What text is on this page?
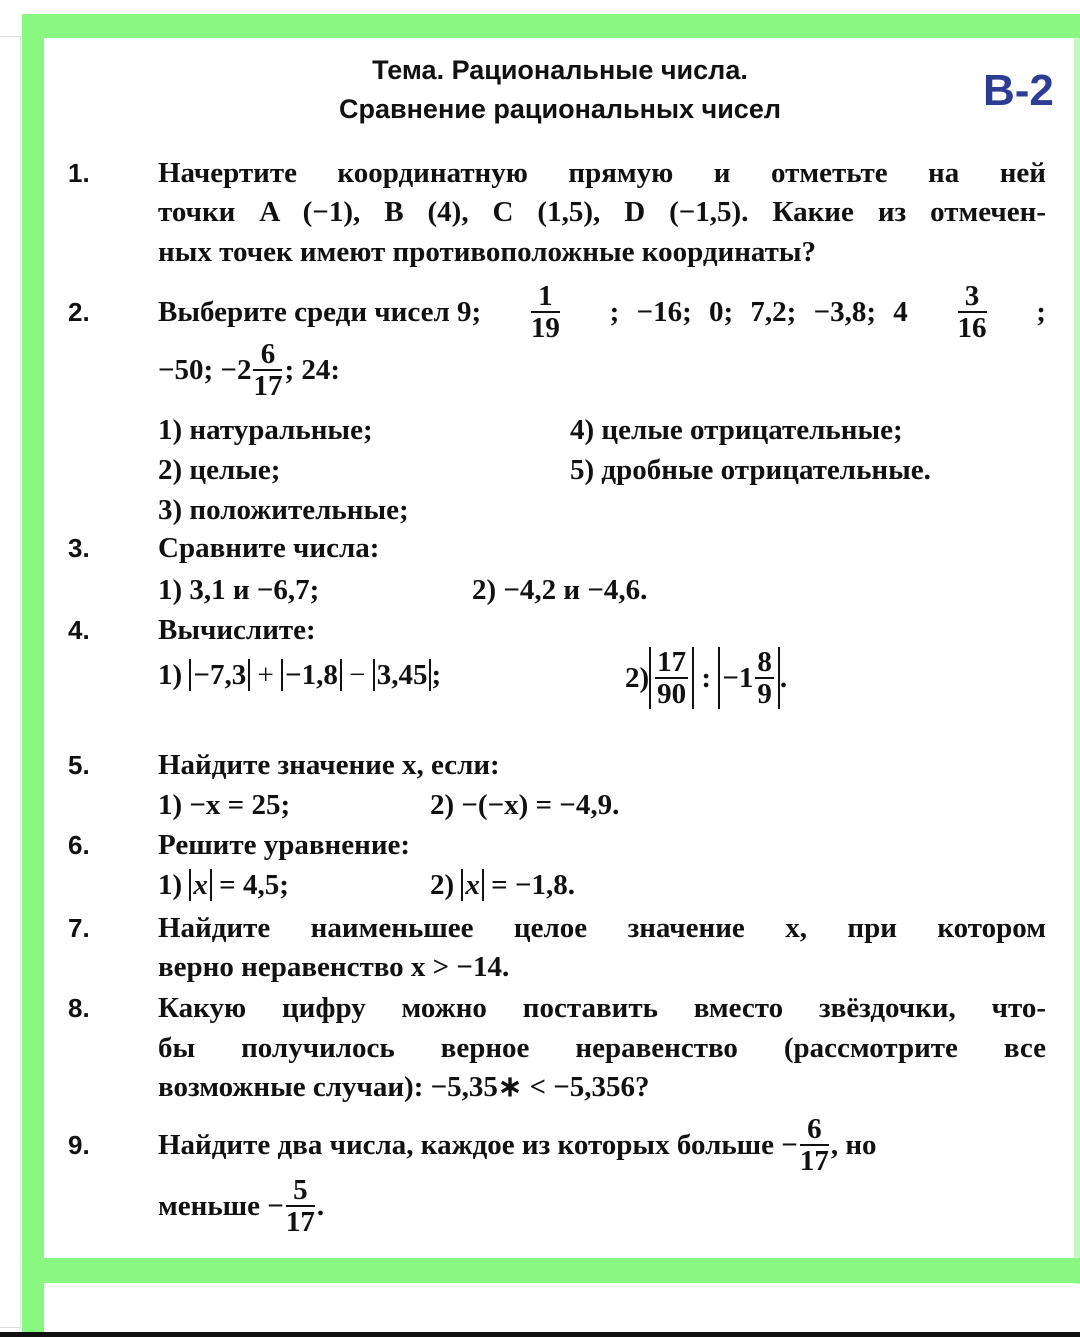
Тема. Рациональные числа.
Сравнение рациональных чисел	B-2
1. Начертите координатную прямую и отметьте на ней
точки A (−1), B (4), C (1,5), D (−1,5). Какие из отмечен-
ных точек имеют противоположные координаты?
2. Выберите среди чисел 9; $\frac{1}{19}$ ; −16; 0; 7,2; −3,8; $4 \frac{3}{16}$ ;
−50; $-2 \frac{6}{17}$ ; 24:
1) натуральные;
2) целые;
3) положительные;
4) целые отрицательные;
5) дробные отрицательные.
3. Сравните числа:
1) 3,1 и −6,7;	2) −4,2 и −4,6.
4. Вычислите:
1) −7,3 + −1,8 − 3,45 ;	$2) \frac{17}{90}$ : $-1 \frac{8}{9}$ .
5. Найдите значение x, если:
1) −x = 25;	2) −(−x) = −4,9.
6. Решите уравнение:
1) x = 4,5;	2) x = −1,8.
7. Найдите наименьшее целое значение x, при котором
верно неравенство x > −14.
8. Какую цифру можно поставить вместо звёздочки, что-
бы получилось верное неравенство (рассмотрите все
возможные случаи): −5,35∗ < −5,356?
9. Найдите два числа, каждое из которых больше − $\frac{6}{17}$ , но
меньше − $\frac{5}{17}$ .
